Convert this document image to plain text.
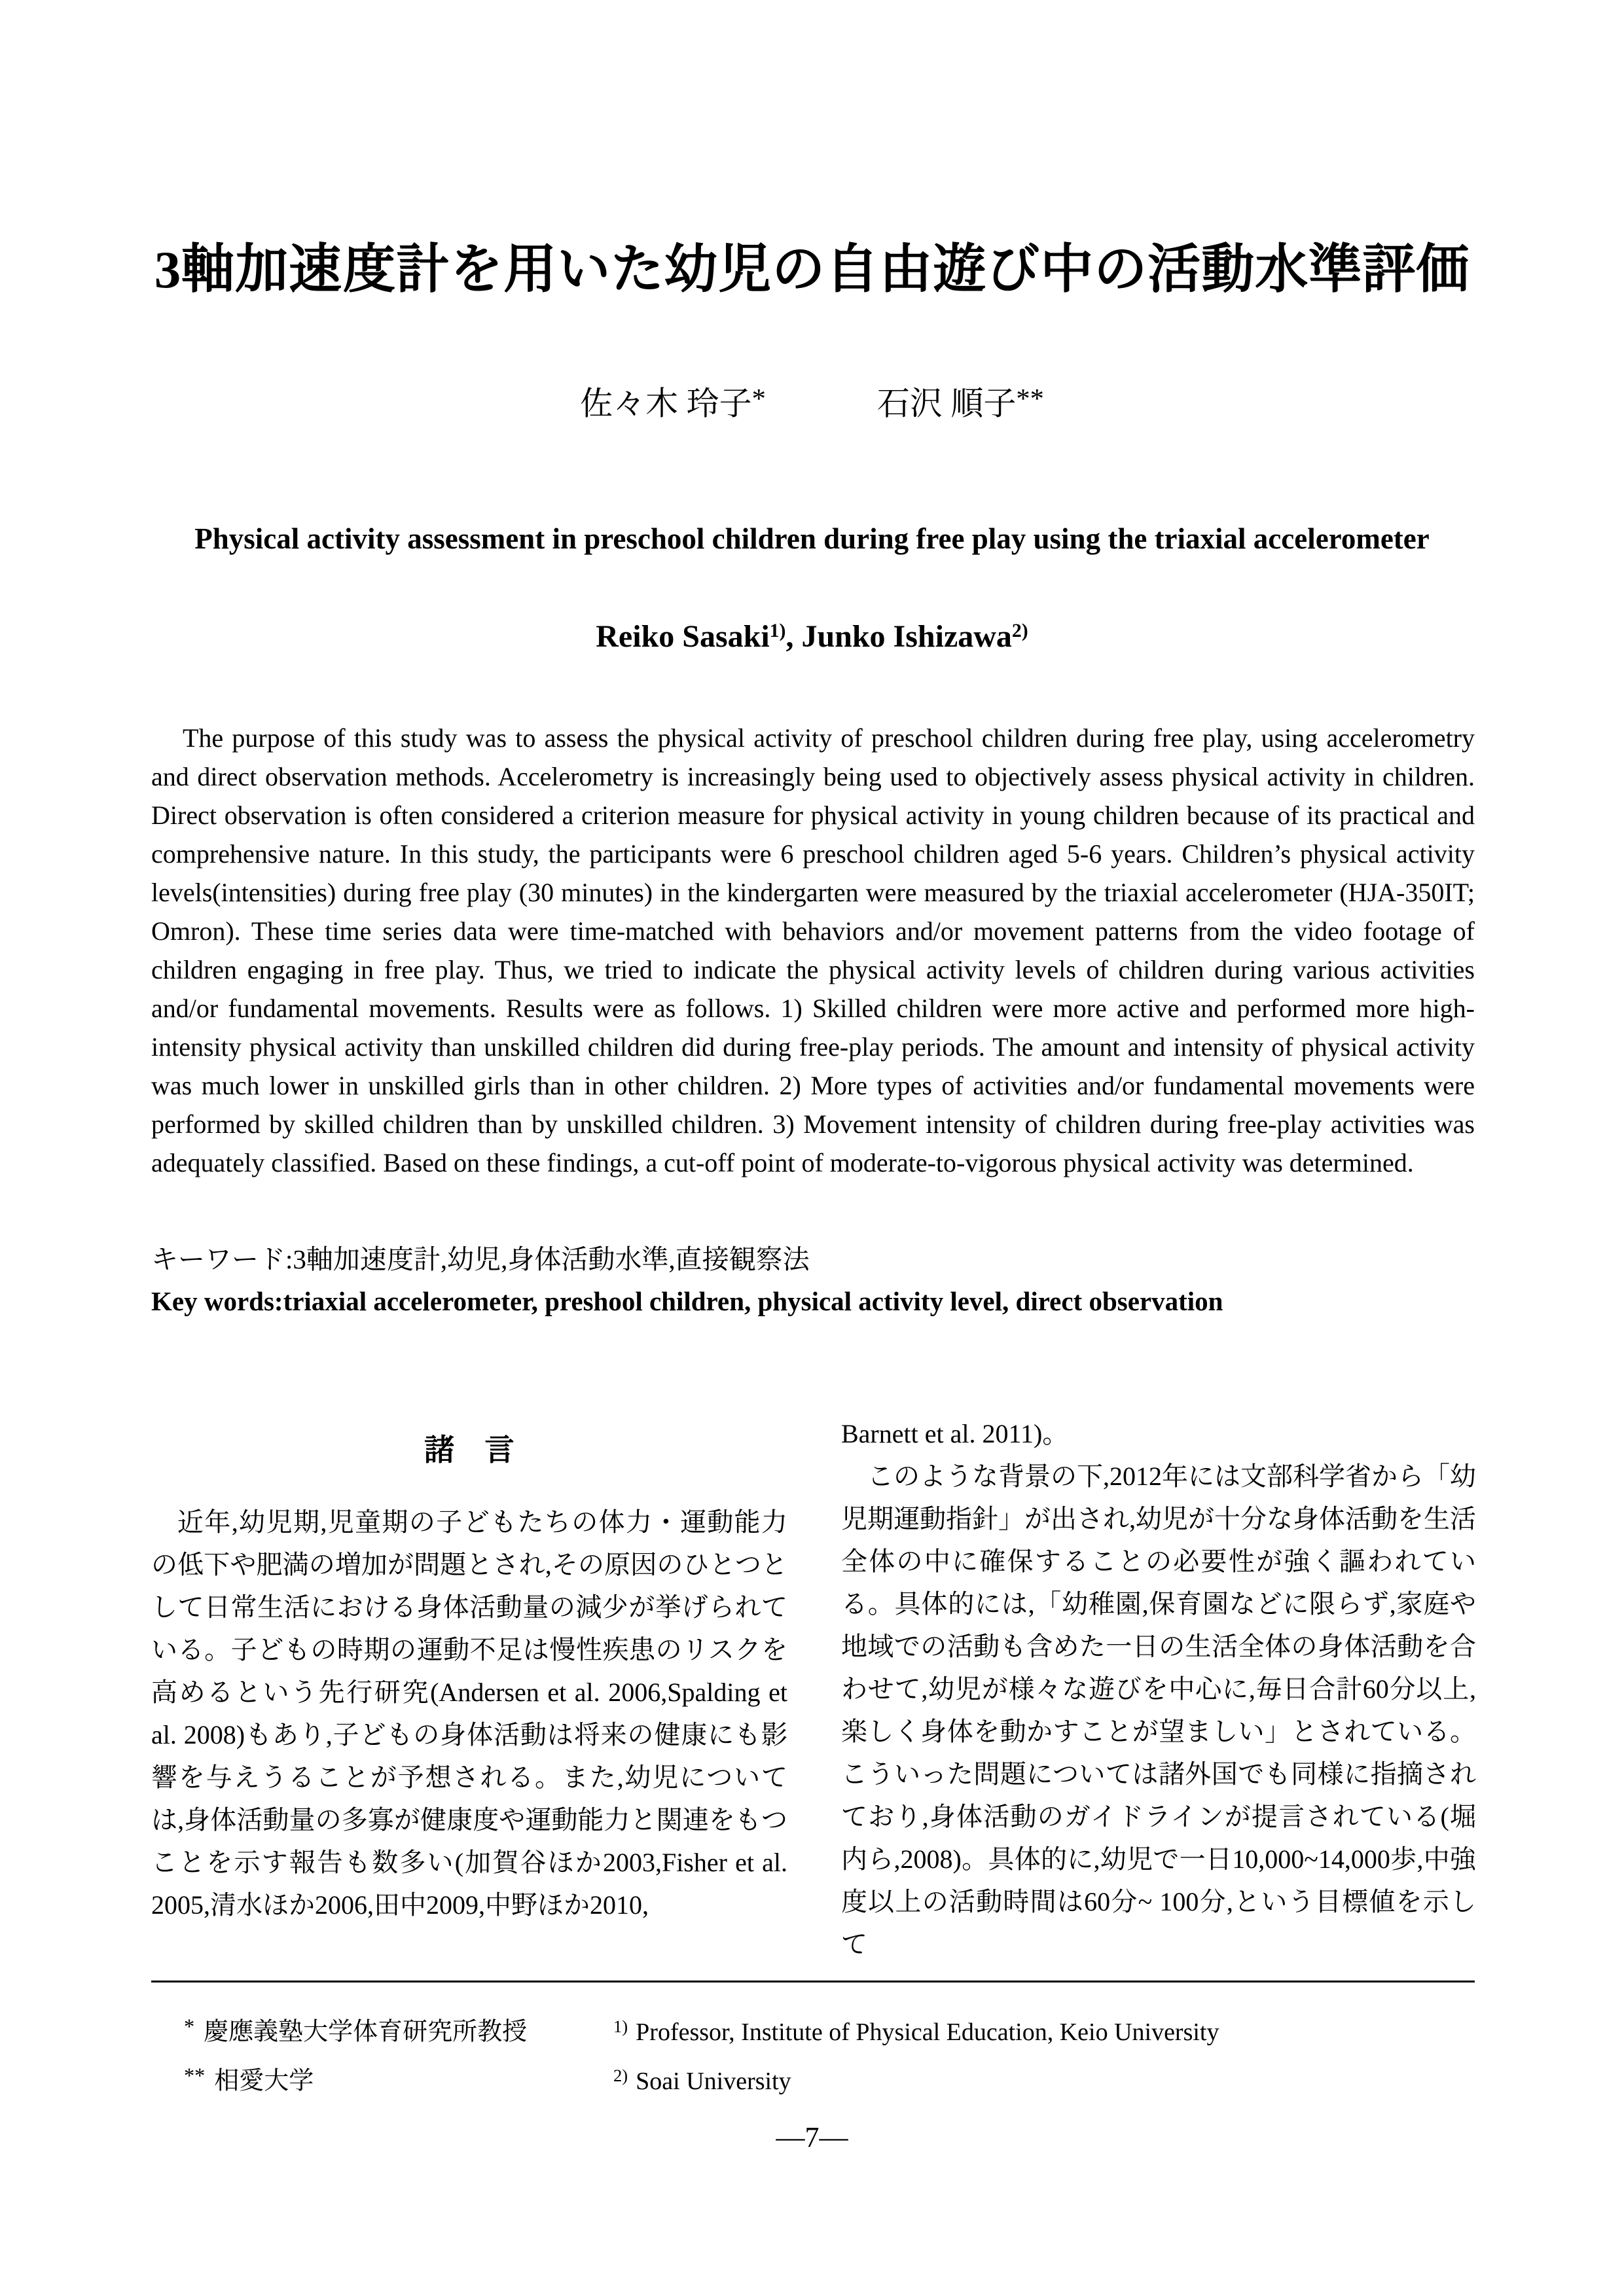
3軸加速度計を用いた幼児の自由遊び中の活動水準評価
佐々木 玲子*	石沢 順子**
Physical activity assessment in preschool children during free play using the triaxial accelerometer
Reiko Sasaki$^{1)}$, Junko Ishizawa$^{2)}$

The purpose of this study was to assess the physical activity of preschool children during free play, using accelerometry and direct observation methods. Accelerometry is increasingly being used to objectively assess physical activity in children. Direct observation is often considered a criterion measure for physical activity in young children because of its practical and comprehensive nature. In this study, the participants were 6 preschool children aged 5-6 years. Children’s physical activity levels(intensities) during free play (30 minutes) in the kindergarten were measured by the triaxial accelerometer (HJA-350IT; Omron). These time series data were time-matched with behaviors and/or movement patterns from the video footage of children engaging in free play. Thus, we tried to indicate the physical activity levels of children during various activities and/or fundamental movements. Results were as follows. 1) Skilled children were more active and performed more high-intensity physical activity than unskilled children did during free-play periods. The amount and intensity of physical activity was much lower in unskilled girls than in other children. 2) More types of activities and/or fundamental movements were performed by skilled children than by unskilled children. 3) Movement intensity of children during free-play activities was adequately classified. Based on these findings, a cut-off point of moderate-to-vigorous physical activity was determined.

キーワード:3軸加速度計,幼児,身体活動水準,直接観察法
Key words:triaxial accelerometer, preshool children, physical activity level, direct observation
諸　言

近年,幼児期,児童期の子どもたちの体力・運動能力の低下や肥満の増加が問題とされ,その原因のひとつとして日常生活における身体活動量の減少が挙げられている。子どもの時期の運動不足は慢性疾患のリスクを高めるという先行研究(Andersen et al. 2006,Spalding et al. 2008)もあり,子どもの身体活動は将来の健康にも影響を与えうることが予想される。また,幼児については,身体活動量の多寡が健康度や運動能力と関連をもつことを示す報告も数多い(加賀谷ほか2003,Fisher et al. 2005,清水ほか2006,田中2009,中野ほか2010,

Barnett et al. 2011)。

このような背景の下,2012年には文部科学省から「幼児期運動指針」が出され,幼児が十分な身体活動を生活全体の中に確保することの必要性が強く謳われている。具体的には,「幼稚園,保育園などに限らず,家庭や地域での活動も含めた一日の生活全体の身体活動を合わせて,幼児が様々な遊びを中心に,毎日合計60分以上,楽しく身体を動かすことが望ましい」とされている。こういった問題については諸外国でも同様に指摘されており,身体活動のガイドラインが提言されている(堀内ら,2008)。具体的に,幼児で一日10,000~14,000歩,中強度以上の活動時間は60分~ 100分,という目標値を示して

* 慶應義塾大学体育研究所教授
** 相愛大学
$^{1)}$ Professor, Institute of Physical Education, Keio University
$^{2)}$ Soai University
—7—
